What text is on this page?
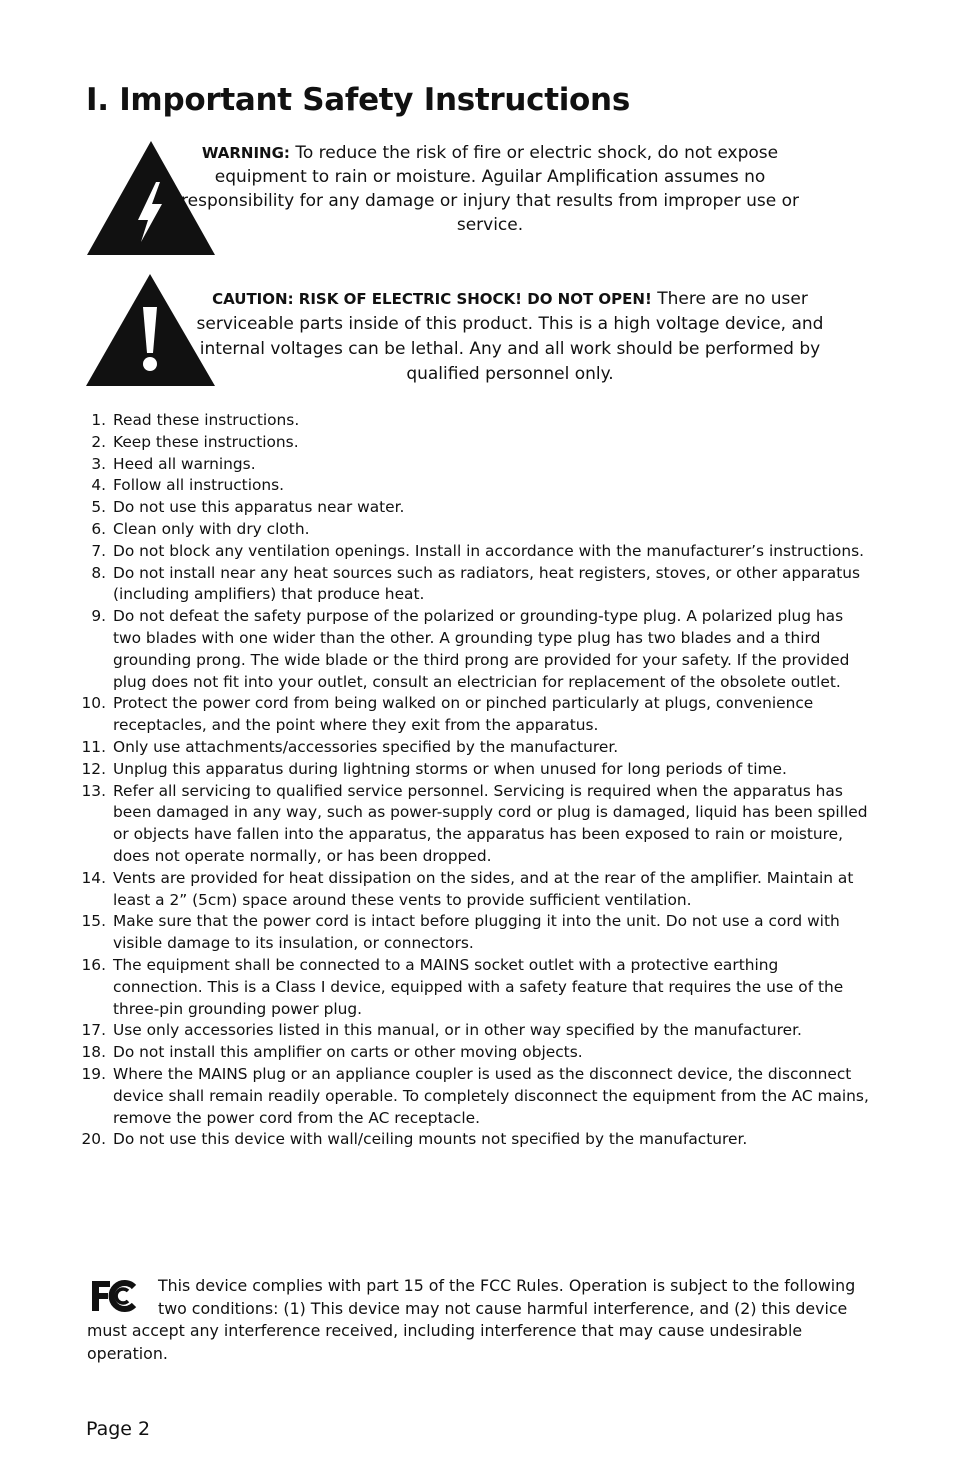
I. Important Safety Instructions
WARNING: To reduce the risk of fire or electric shock, do not expose equipment to rain or moisture. Aguilar Amplification assumes no responsibility for any damage or injury that results from improper use or service.
CAUTION: RISK OF ELECTRIC SHOCK! DO NOT OPEN! There are no user serviceable parts inside of this product. This is a high voltage device, and internal voltages can be lethal. Any and all work should be performed by qualified personnel only.
1. Read these instructions.
2. Keep these instructions.
3. Heed all warnings.
4. Follow all instructions.
5. Do not use this apparatus near water.
6. Clean only with dry cloth.
7. Do not block any ventilation openings. Install in accordance with the manufacturer’s instructions.
8. Do not install near any heat sources such as radiators, heat registers, stoves, or other apparatus (including amplifiers) that produce heat.
9. Do not defeat the safety purpose of the polarized or grounding-type plug. A polarized plug has two blades with one wider than the other. A grounding type plug has two blades and a third grounding prong. The wide blade or the third prong are provided for your safety. If the provided plug does not fit into your outlet, consult an electrician for replacement of the obsolete outlet.
10. Protect the power cord from being walked on or pinched particularly at plugs, convenience receptacles, and the point where they exit from the apparatus.
11. Only use attachments/accessories specified by the manufacturer.
12. Unplug this apparatus during lightning storms or when unused for long periods of time.
13. Refer all servicing to qualified service personnel. Servicing is required when the apparatus has been damaged in any way, such as power-supply cord or plug is damaged, liquid has been spilled or objects have fallen into the apparatus, the apparatus has been exposed to rain or moisture, does not operate normally, or has been dropped.
14. Vents are provided for heat dissipation on the sides, and at the rear of the amplifier. Maintain at least a 2” (5cm) space around these vents to provide sufficient ventilation.
15. Make sure that the power cord is intact before plugging it into the unit. Do not use a cord with visible damage to its insulation, or connectors.
16. The equipment shall be connected to a MAINS socket outlet with a protective earthing connection. This is a Class I device, equipped with a safety feature that requires the use of the three-pin grounding power plug.
17. Use only accessories listed in this manual, or in other way specified by the manufacturer.
18. Do not install this amplifier on carts or other moving objects.
19. Where the MAINS plug or an appliance coupler is used as the disconnect device, the disconnect device shall remain readily operable. To completely disconnect the equipment from the AC mains, remove the power cord from the AC receptacle.
20. Do not use this device with wall/ceiling mounts not specified by the manufacturer.

This device complies with part 15 of the FCC Rules. Operation is subject to the following two conditions: (1) This device may not cause harmful interference, and (2) this device must accept any interference received, including interference that may cause undesirable operation.

Page 2
